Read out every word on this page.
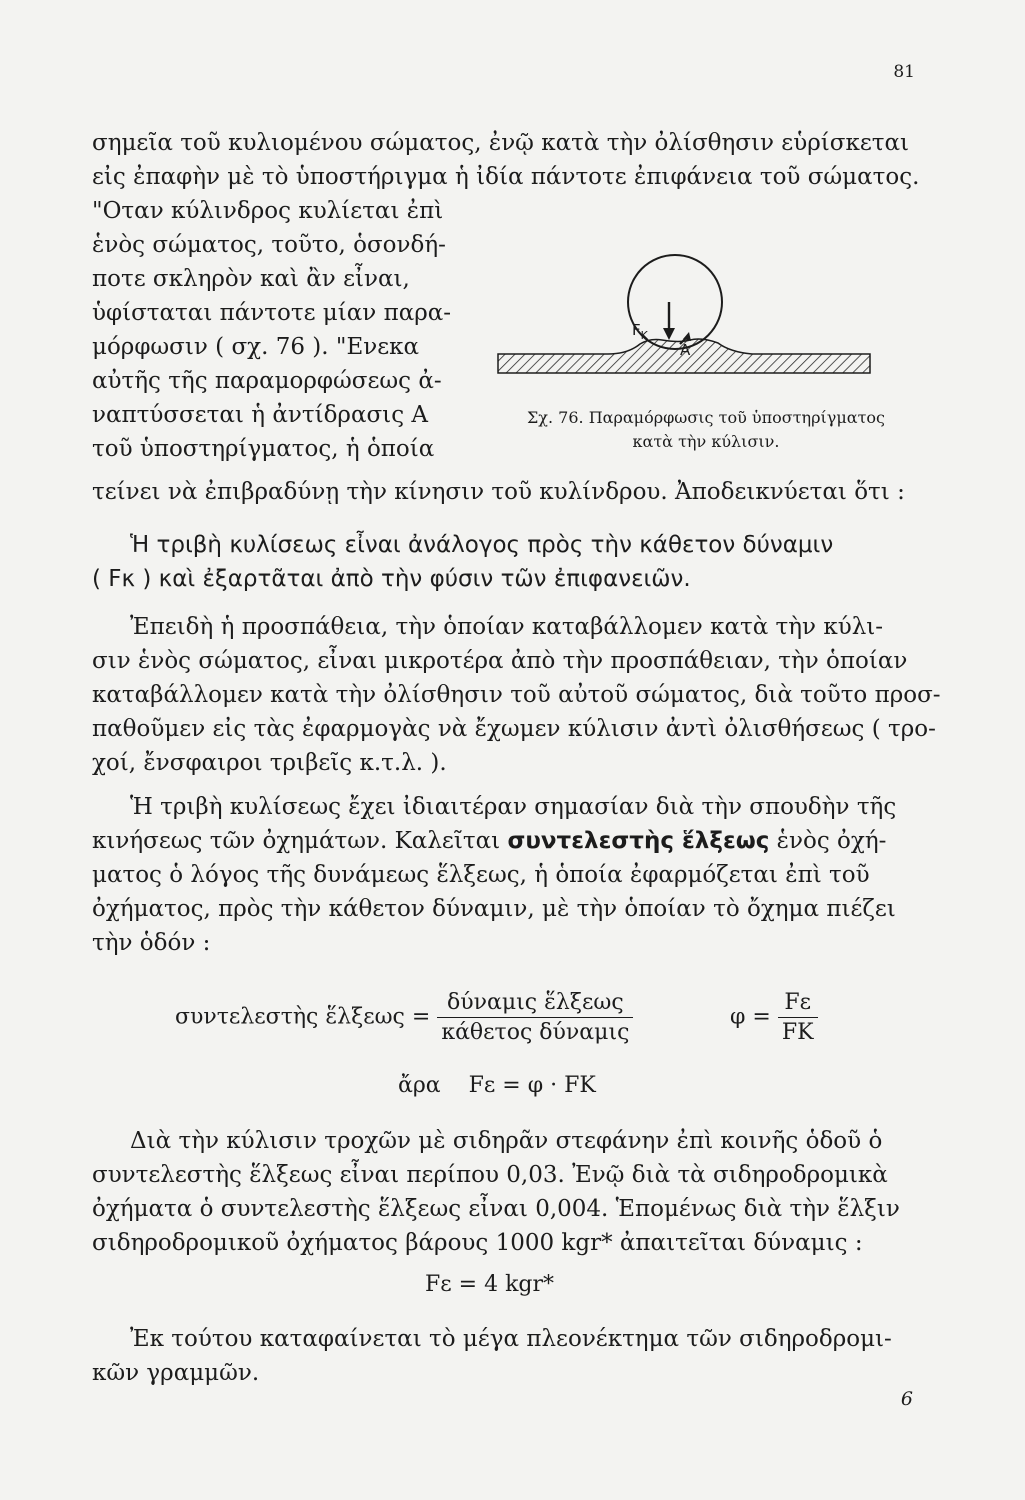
81

σημεῖα τοῦ κυλιομένου σώματος, ἐνῷ κατὰ τὴν ὀλίσθησιν εὑρίσκεται

εἰς ἐπαφὴν μὲ τὸ ὑποστήριγμα ἡ ἰδία πάντοτε ἐπιφάνεια τοῦ σώματος.

"Οταν κύλινδρος κυλίεται ἐπὶ

ἑνὸς σώματος, τοῦτο, ὁσονδή-

ποτε σκληρὸν καὶ ἂν εἶναι,

ὑφίσταται πάντοτε μίαν παρα-

μόρφωσιν ( σχ. 76 ). "Ενεκα

αὐτῆς τῆς παραμορφώσεως ἀ-

ναπτύσσεται ἡ ἀντίδρασις Α

τοῦ ὑποστηρίγματος, ἡ ὁποία

τείνει νὰ ἐπιβραδύνῃ τὴν κίνησιν τοῦ κυλίνδρου. Ἀποδεικνύεται ὅτι :

$F_K$
A
Σχ. 76. Παραμόρφωσις τοῦ ὑποστηρίγματος
κατὰ τὴν κύλισιν.

Ἡ τριβὴ κυλίσεως εἶναι ἀνάλογος πρὸς τὴν κάθετον δύναμιν

( Fκ ) καὶ ἐξαρτᾶται ἀπὸ τὴν φύσιν τῶν ἐπιφανειῶν.

Ἐπειδὴ ἡ προσπάθεια, τὴν ὁποίαν καταβάλλομεν κατὰ τὴν κύλι-

σιν ἑνὸς σώματος, εἶναι μικροτέρα ἀπὸ τὴν προσπάθειαν, τὴν ὁποίαν

καταβάλλομεν κατὰ τὴν ὀλίσθησιν τοῦ αὐτοῦ σώματος, διὰ τοῦτο προσ-

παθοῦμεν εἰς τὰς ἐφαρμογὰς νὰ ἔχωμεν κύλισιν ἀντὶ ὀλισθήσεως ( τρο-

χοί, ἔνσφαιροι τριβεῖς κ.τ.λ. ).

Ἡ τριβὴ κυλίσεως ἔχει ἰδιαιτέραν σημασίαν διὰ τὴν σπουδὴν τῆς

κινήσεως τῶν ὀχημάτων. Καλεῖται συντελεστὴς ἕλξεως ἑνὸς ὀχή-

ματος ὁ λόγος τῆς δυνάμεως ἕλξεως, ἡ ὁποία ἐφαρμόζεται ἐπὶ τοῦ

ὀχήματος, πρὸς τὴν κάθετον δύναμιν, μὲ τὴν ὁποίαν τὸ ὄχημα πιέζει

τὴν ὁδόν :

συντελεστὴς ἕλξεως = $\frac{\text{δύναμις ἕλξεως}}{\text{κάθετος δύναμις}}$	$\varphi = \frac{F\varepsilon}{FK}$
ἄρα Fε = φ · FK

Διὰ τὴν κύλισιν τροχῶν μὲ σιδηρᾶν στεφάνην ἐπὶ κοινῆς ὁδοῦ ὁ

συντελεστὴς ἕλξεως εἶναι περίπου 0,03. Ἐνῷ διὰ τὰ σιδηροδρομικὰ

ὀχήματα ὁ συντελεστὴς ἕλξεως εἶναι 0,004. Ἑπομένως διὰ τὴν ἕλξιν

σιδηροδρομικοῦ ὀχήματος βάρους 1000 kgr* ἀπαιτεῖται δύναμις :

Fε = 4 kgr*

Ἐκ τούτου καταφαίνεται τὸ μέγα πλεονέκτημα τῶν σιδηροδρομι-

κῶν γραμμῶν.

6
